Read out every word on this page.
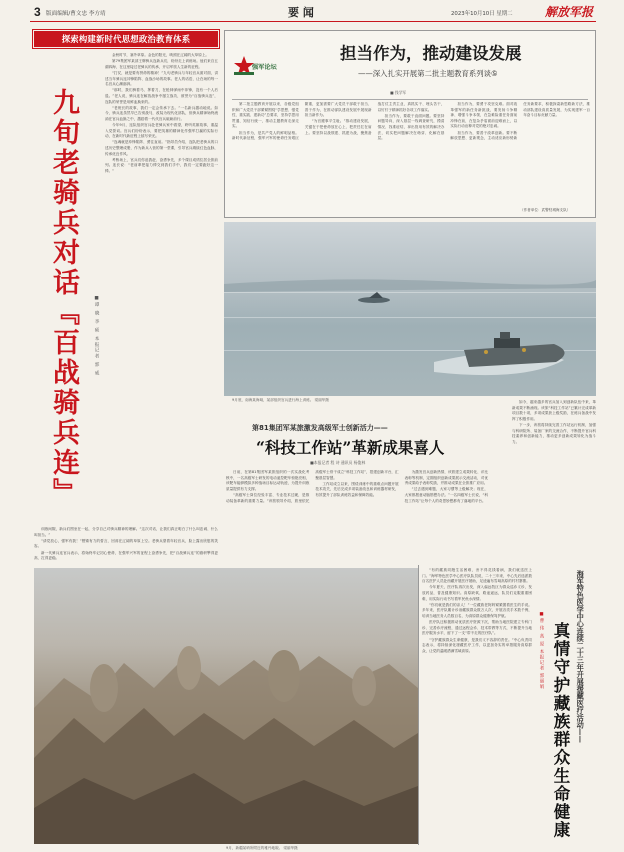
3 版面编辑/曹文忠 李方靖	要 闻	2023年10月10日 星期二	解放军报
探索构建新时代思想政治教育体系
九旬老骑兵对话『百战骑兵连』	■谭 晓 李 硕 本报记者 郭 威

金秋时节，塞外草原。金色的阳光，映照在辽阔的大草原上。

第79集团军某部王牌骑兵连新兵们，纷纷走上训练场。他们来自五湖四海，在这里接过老骑兵的传承，开启军旅人生新的征程。

“打仗，就是要有拼命的精神！”九旬老骑兵与年轻官兵面对面，讲述当年骑兵连冲锋陷阵、血战沙场的故事。老人的话语，让在场的每一名官兵心潮澎湃。

“那时，我们骑着马、挥着刀，在枪林弹雨中冲锋，没有一个人后退。”老人说，骑兵连在解放战争中屡立战功，被誉为“百战骑兵连”，连队的荣誉是用鲜血换来的。

“老班长的故事，我们一定会传承下去。”一名新兵激动地说。如今，骑兵连虽然早已告别战马，改装为现代化部队，但骑兵精神始终流淌在官兵血脉之中，激励着一代代官兵砥砺前行。

今年9月，连队组织官兵赴老骑兵家中看望，聆听英雄故事，重温入党誓词。官兵们纷纷表示，要把英雄的精神化作强军打赢的实际行动，在新时代新征程上续写荣光。

“连魂就是冲锋陷阵、勇往直前。”指导员介绍，连队把老骑兵的口述历史整理成册，作为新兵入营的第一堂课，引导官兵赓续红色血脉，传承优良作风。

考核场上，官兵们你追我赶、奋勇争先，多个课目成绩位居全旅前列。连长说：“老前辈把接力棒交到我们手中，我们一定要跑好这一棒。”

训练间隙，新兵们围坐在一起，分享自己对骑兵精神的理解。“这次对话，让我们真正明白了什么叫忠诚、什么叫担当。”

“请党放心，强军有我！”铿锵有力的誓言，回荡在辽阔的草原上空。老骑兵望着年轻官兵，脸上露出欣慰的笑容。

新一代骑兵连官兵表示，将始终牢记初心使命，在强军兴军的征程上奋勇争先，把“百战骑兵连”的旗帜擎得更高、扛得更稳。

9月，新疆某哨所附近的雅丹地貌。 梁丽华摄
强军论坛
担当作为，推动建设发展
——深入扎实开展第二批主题教育系列谈⑤
■ 钱学军

第二批主题教育开展以来，各级党组织和广大党员干部紧紧围绕“学思想、强党性、重实践、建新功”总要求，坚持学思用贯通、知信行统一，推动主题教育走深走实。

担当作为，是共产党人的鲜明品格。新时代新征程，强军兴军的使命任务艰巨繁重，更加需要广大党员干部敢于担当、善于作为，在推动部队建设发展中展现新担当新作为。

“为官避事平生耻。”推动建设发展，关键在于把使命放在心上、把责任扛在肩上。要坚持以战领建、抓建为战，聚焦备战打仗主责主业，真抓实干、埋头苦干，以钉钉子精神抓好各项工作落实。

担当作为，要敢于直面问题。要坚持问题导向，深入基层一线调查研究，摸清情况、找准症结，拿出管用有效的解决办法，切实把问题解决在萌芽、化解在基层。

担当作为，要勇于攻坚克难。面对改革强军的新任务新挑战，要发扬斗争精神、增强斗争本领，在急难险重任务面前冲锋在前，在复杂矛盾面前迎难而上，以实际行动诠释对党的绝对忠诚。

担当作为，要善于改革创新。要不断解放思想、更新观念，主动适应新形势新任务新要求，积极探索新思路新方法，推动部队建设高质量发展，为实现建军一百年奋斗目标贡献力量。

（作者单位：武警驻城海支队）
9月底，南海某海域，某部组织官兵进行海上训练。 梁丽华摄
第81集团军某旅激发高级军士创新活力——
“科技工作站”革新成果喜人
■本报记者 程 诗 通讯员 杨俊林

日前，在第81集团军某旅组织的一次实战化考核中，一名高级军士研发的电动遥控靶车惊艳亮相，该靶车能够模拟多种战场目标运动轨迹，为提升训练质量提供有力支撑。

“高级军士岗位经验丰富、专业技术过硬，是推动装备革新的重要力量。”该旅领导介绍，旅里依托高级军士骨干成立“科技工作站”，搭建创新平台，汇聚基层智慧。

工作站成立以来，围绕训练中的重难点问题开展技术攻关，先后完成多项装备改良和训练器材研发，有效提升了部队训练效益和保障效能。

为激发官兵创新热情，该旅建立成果转化、评比表彰等机制，定期组织创新成果展示交流活动，对优秀成果给予表彰奖励，并推动成果在全旅推广应用。

“过去遇到难题，大家习惯等上级解决；现在，大家都愿意动脑筋想办法。”一名四级军士长说，“科技工作站”让每个人的奇思妙想都有了落地的平台。

如今，越来越多的官兵加入到创新队伍中来，革新成果不断涌现。该旅“科技工作站”已累计完成革新项目数十项，多项成果获上级奖励，在练兵备战中发挥了积极作用。

下一步，该旅将持续完善工作站运行机制，加强与科研院所、装备厂家的交流合作，不断提升官兵科技素养和创新能力，推动更多创新成果转化为战斗力。

“有的藏族同胞生活困难，舍不得花钱看病，我们就送医上门。”海军特色医学中心医疗队队员说，二十三年来，中心先后选派数百名医护人员赴西藏开展医疗援助，足迹遍布雪域高原的村村寨寨。

今年夏天，医疗队再次出发，深入偏远牧区为群众巡诊义诊，发放药品，普及健康知识。高原缺氧、路途遥远，队员们克服重重困难，用实际行动书写着军民鱼水深情。

“你们就是我们的亲人！”一位藏族老阿妈紧紧握着医生的手说。多年来，医疗队累计诊治藏族群众数万人次，开展各类手术数千例，培训当地医务人员数百名，为高原群众健康保驾护航。

医疗队还积极推动优质医疗资源下沉，帮助当地医院建立专科门诊、完善诊疗流程，通过远程会诊、技术带教等方式，不断提升当地医疗服务水平，留下了一支“带不走的医疗队”。

“守护藏族群众生命健康，是我们义不容辞的责任。”中心负责同志表示，将持续深化援藏医疗工作，以更加务实的举措服务高原群众，让党的温暖洒满雪域高原。	■曹 伟 高 原 本报记者 郭丽娟 真情守护藏族群众生命健康 海军特色医学中心连续二十三年开展援藏医疗活动——
